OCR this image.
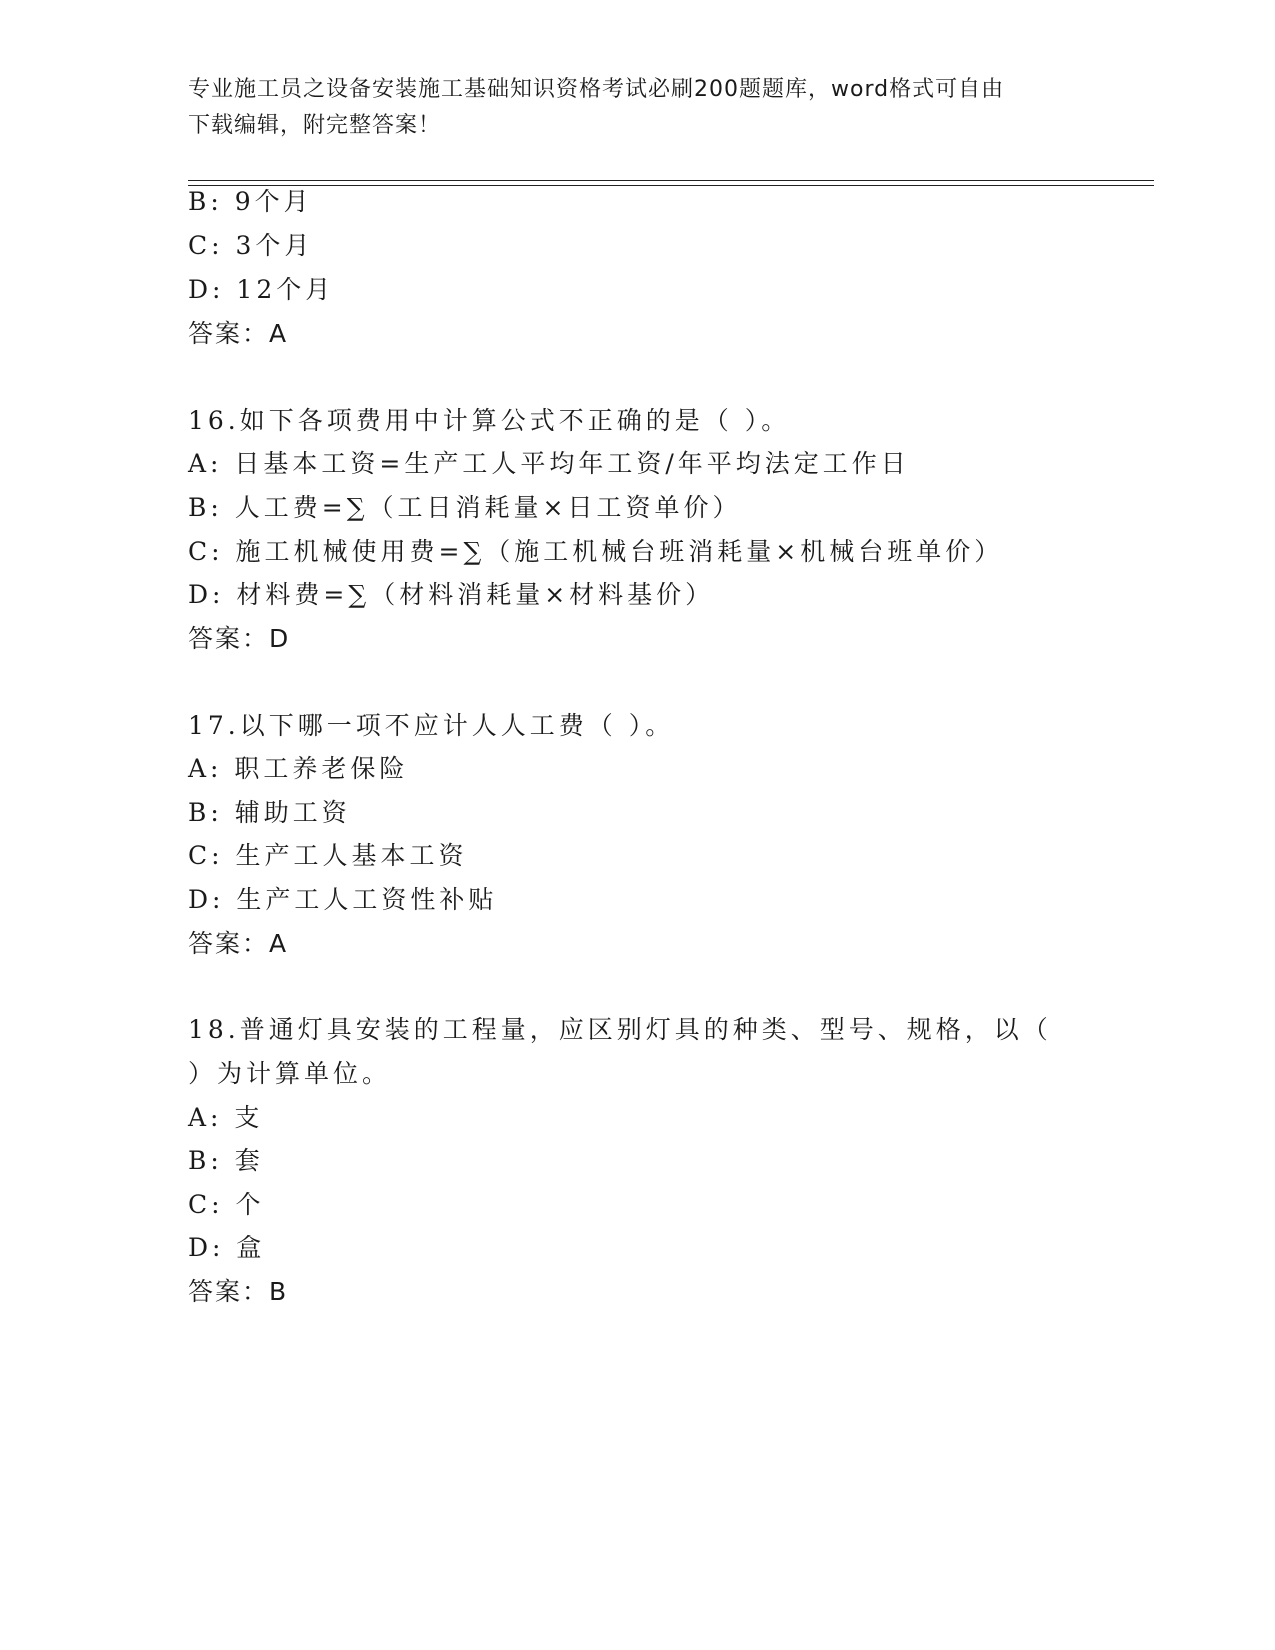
专业施工员之设备安装施工基础知识资格考试必刷200题题库，word格式可自由
下载编辑，附完整答案！
B: 9个月
C: 3个月
D: 12个月
答案：A
16.如下各项费用中计算公式不正确的是（ ）。
A: 日基本工资=生产工人平均年工资/年平均法定工作日
B: 人工费=∑（工日消耗量×日工资单价）
C: 施工机械使用费=∑（施工机械台班消耗量×机械台班单价）
D: 材料费=∑（材料消耗量×材料基价）
答案：D
17.以下哪一项不应计人人工费（ ）。
A: 职工养老保险
B: 辅助工资
C: 生产工人基本工资
D: 生产工人工资性补贴
答案：A
18.普通灯具安装的工程量，应区别灯具的种类、型号、规格，以（
）为计算单位。
A: 支
B: 套
C: 个
D: 盒
答案：B
